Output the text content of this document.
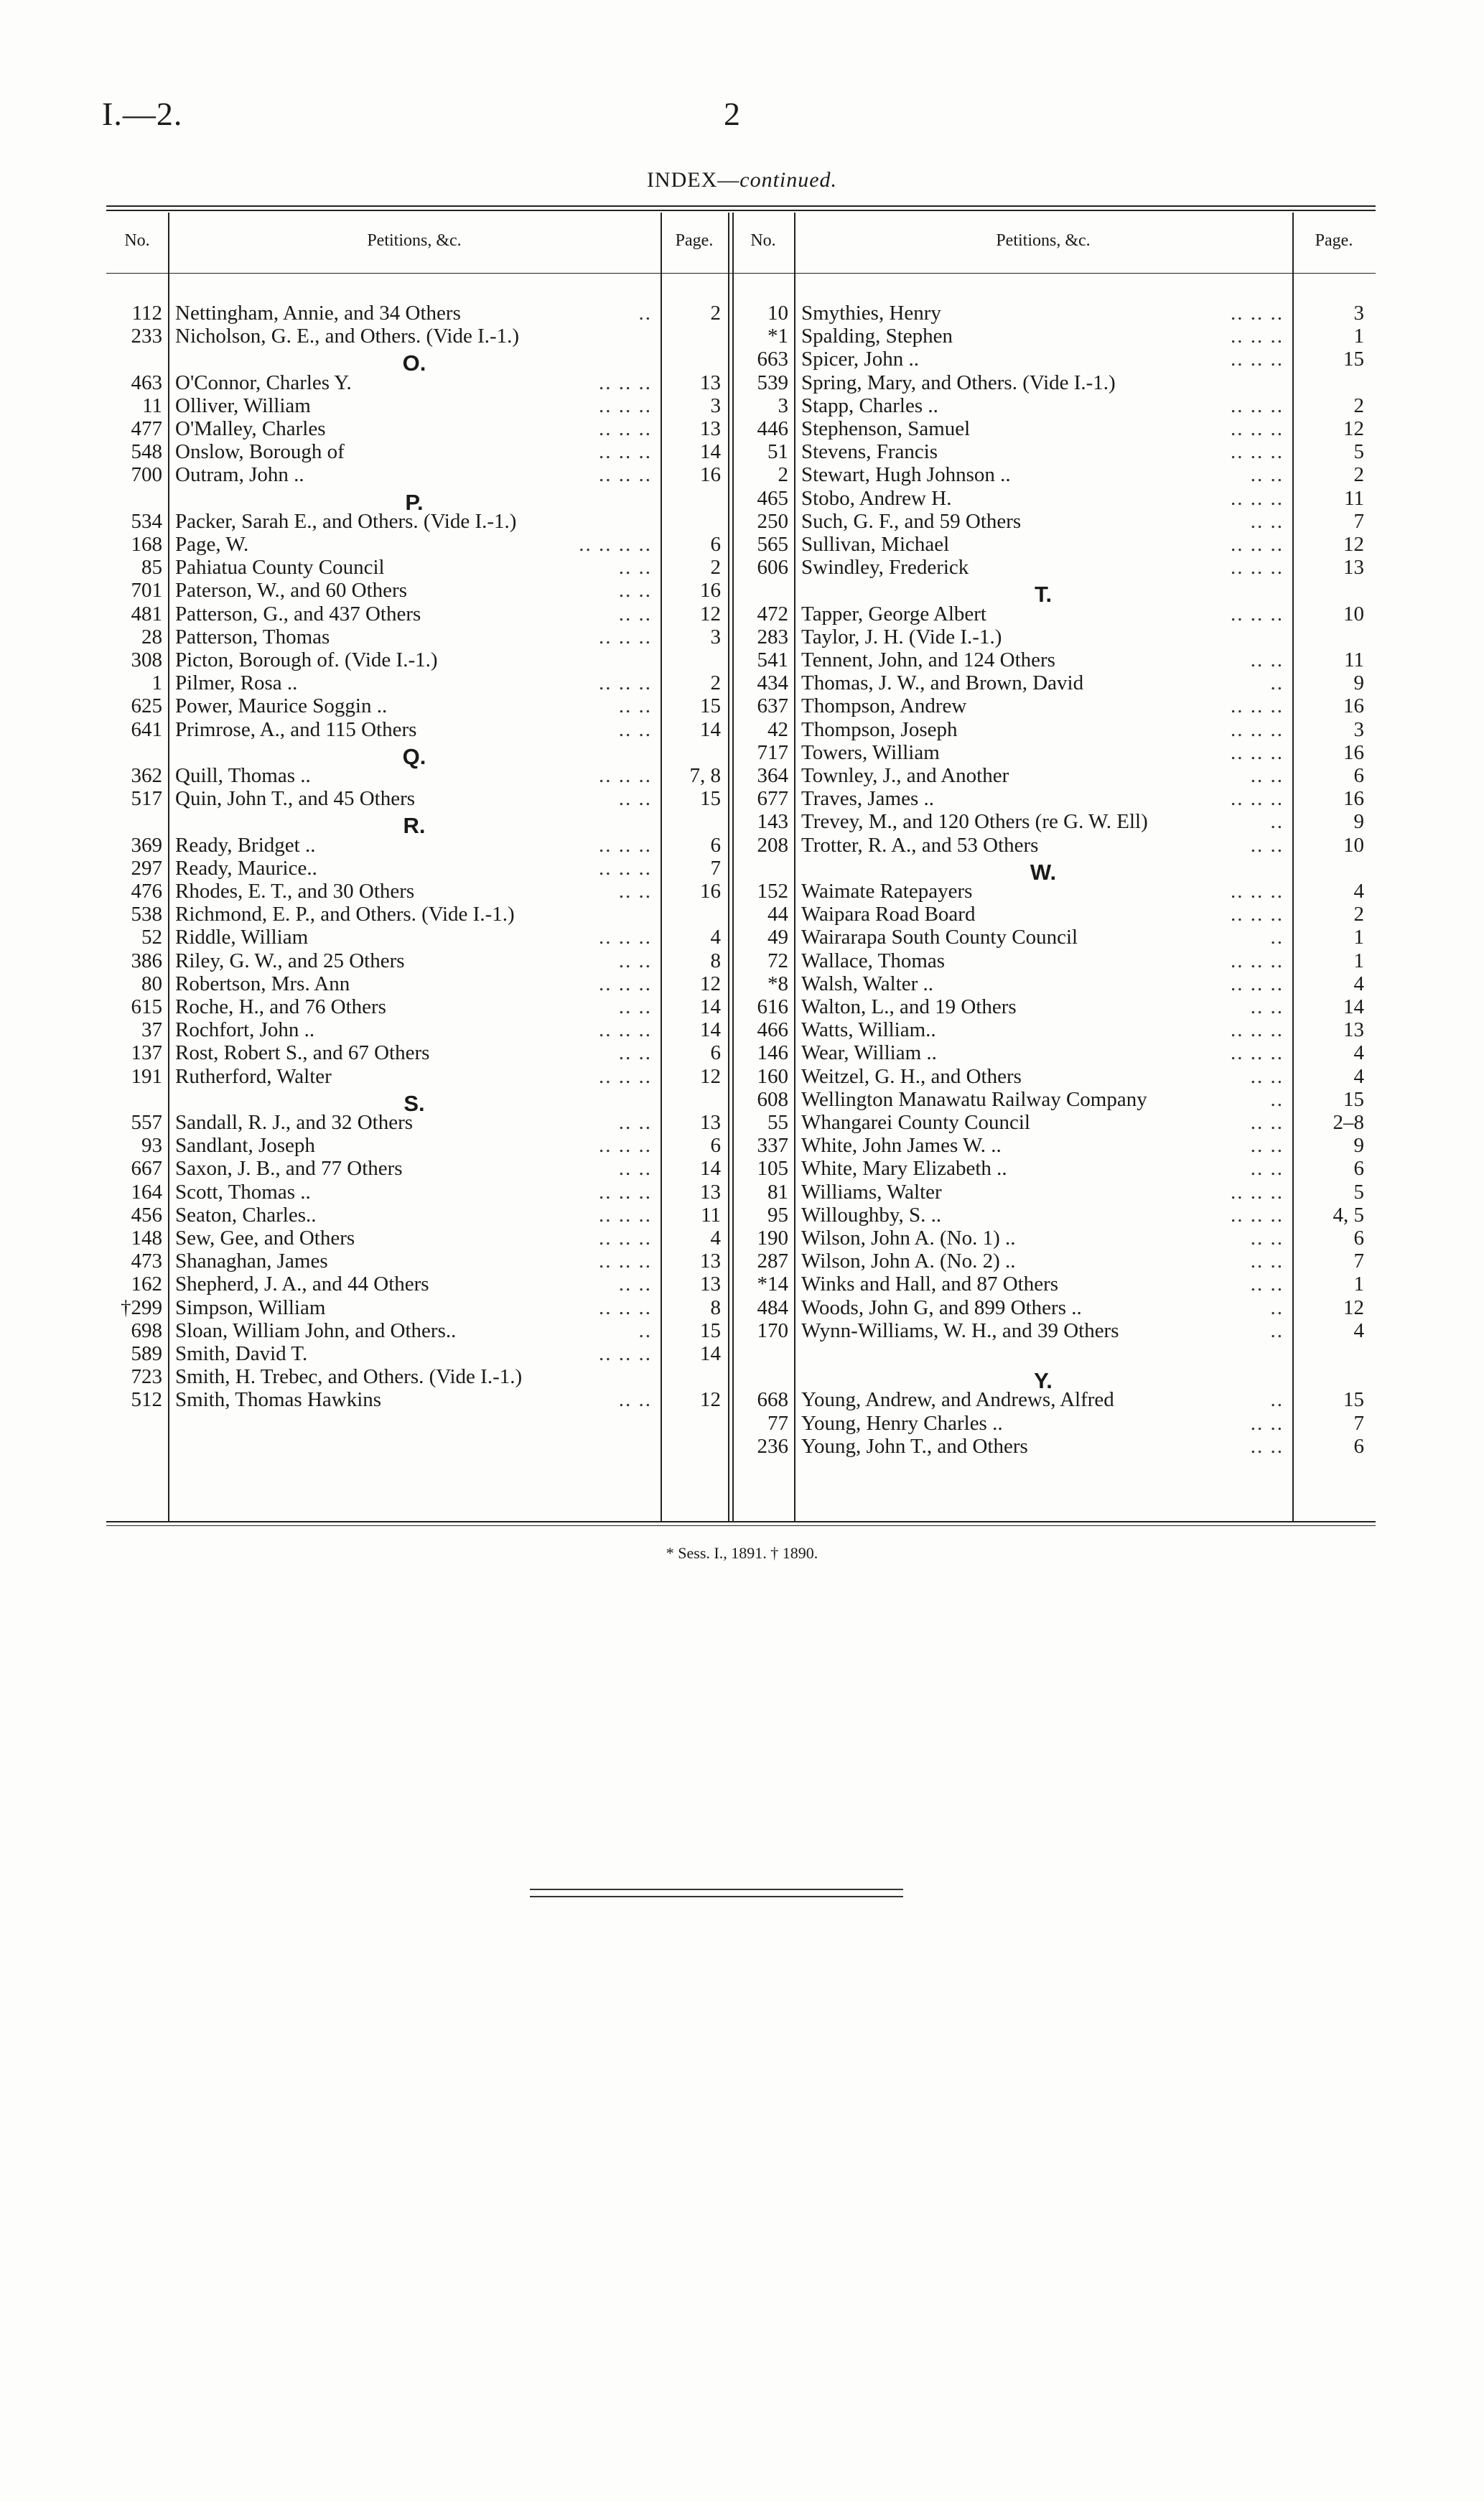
I.—2.	2
INDEX—continued.
No.	Petitions, &c.	Page.	No.	Petitions, &c.	Page.
112 Nettingham, Annie, and 34 Others	..	2
233 Nicholson, G. E., and Others. (Vide I.-1.)
O.
463 O'Connor, Charles Y.	.. .. ..	13
11 Olliver, William	.. .. ..	3
477 O'Malley, Charles	.. .. ..	13
548 Onslow, Borough of	.. .. ..	14
700 Outram, John ..	.. .. ..	16
P.
534 Packer, Sarah E., and Others. (Vide I.-1.)
168 Page, W.	.. .. .. ..	6
85 Pahiatua County Council	.. ..	2
701 Paterson, W., and 60 Others	.. ..	16
481 Patterson, G., and 437 Others	.. ..	12
28 Patterson, Thomas	.. .. ..	3
308 Picton, Borough of. (Vide I.-1.)
1 Pilmer, Rosa ..	.. .. ..	2
625 Power, Maurice Soggin ..	.. ..	15
641 Primrose, A., and 115 Others	.. ..	14
Q.
362 Quill, Thomas ..	.. .. ..	7, 8
517 Quin, John T., and 45 Others	.. ..	15
R.
369 Ready, Bridget ..	.. .. ..	6
297 Ready, Maurice..	.. .. ..	7
476 Rhodes, E. T., and 30 Others	.. ..	16
538 Richmond, E. P., and Others. (Vide I.-1.)
52 Riddle, William	.. .. ..	4
386 Riley, G. W., and 25 Others	.. ..	8
80 Robertson, Mrs. Ann	.. .. ..	12
615 Roche, H., and 76 Others	.. ..	14
37 Rochfort, John ..	.. .. ..	14
137 Rost, Robert S., and 67 Others	.. ..	6
191 Rutherford, Walter	.. .. ..	12
S.
557 Sandall, R. J., and 32 Others	.. ..	13
93 Sandlant, Joseph	.. .. ..	6
667 Saxon, J. B., and 77 Others	.. ..	14
164 Scott, Thomas ..	.. .. ..	13
456 Seaton, Charles..	.. .. ..	11
148 Sew, Gee, and Others	.. .. ..	4
473 Shanaghan, James	.. .. ..	13
162 Shepherd, J. A., and 44 Others	.. ..	13
†299 Simpson, William	.. .. ..	8
698 Sloan, William John, and Others..	..	15
589 Smith, David T.	.. .. ..	14
723 Smith, H. Trebec, and Others. (Vide I.-1.)
512 Smith, Thomas Hawkins	.. ..	12
10 Smythies, Henry	.. .. ..	3
*1 Spalding, Stephen	.. .. ..	1
663 Spicer, John ..	.. .. ..	15
539 Spring, Mary, and Others. (Vide I.-1.)
3 Stapp, Charles ..	.. .. ..	2
446 Stephenson, Samuel	.. .. ..	12
51 Stevens, Francis	.. .. ..	5
2 Stewart, Hugh Johnson ..	.. ..	2
465 Stobo, Andrew H.	.. .. ..	11
250 Such, G. F., and 59 Others	.. ..	7
565 Sullivan, Michael	.. .. ..	12
606 Swindley, Frederick	.. .. ..	13
T.
472 Tapper, George Albert	.. .. ..	10
283 Taylor, J. H. (Vide I.-1.)
541 Tennent, John, and 124 Others	.. ..	11
434 Thomas, J. W., and Brown, David	..	9
637 Thompson, Andrew	.. .. ..	16
42 Thompson, Joseph	.. .. ..	3
717 Towers, William	.. .. ..	16
364 Townley, J., and Another	.. ..	6
677 Traves, James ..	.. .. ..	16
143 Trevey, M., and 120 Others (re G. W. Ell)	..	9
208 Trotter, R. A., and 53 Others	.. ..	10
W.
152 Waimate Ratepayers	.. .. ..	4
44 Waipara Road Board	.. .. ..	2
49 Wairarapa South County Council	..	1
72 Wallace, Thomas	.. .. ..	1
*8 Walsh, Walter ..	.. .. ..	4
616 Walton, L., and 19 Others	.. ..	14
466 Watts, William..	.. .. ..	13
146 Wear, William ..	.. .. ..	4
160 Weitzel, G. H., and Others	.. ..	4
608 Wellington Manawatu Railway Company	..	15
55 Whangarei County Council	.. ..	2–8
337 White, John James W. ..	.. ..	9
105 White, Mary Elizabeth ..	.. ..	6
81 Williams, Walter	.. .. ..	5
95 Willoughby, S. ..	.. .. ..	4, 5
190 Wilson, John A. (No. 1) ..	.. ..	6
287 Wilson, John A. (No. 2) ..	.. ..	7
*14 Winks and Hall, and 87 Others	.. ..	1
484 Woods, John G, and 899 Others ..	..	12
170 Wynn-Williams, W. H., and 39 Others	..	4
Y.
668 Young, Andrew, and Andrews, Alfred	..	15
77 Young, Henry Charles ..	.. ..	7
236 Young, John T., and Others	.. ..	6
* Sess. I., 1891. † 1890.
